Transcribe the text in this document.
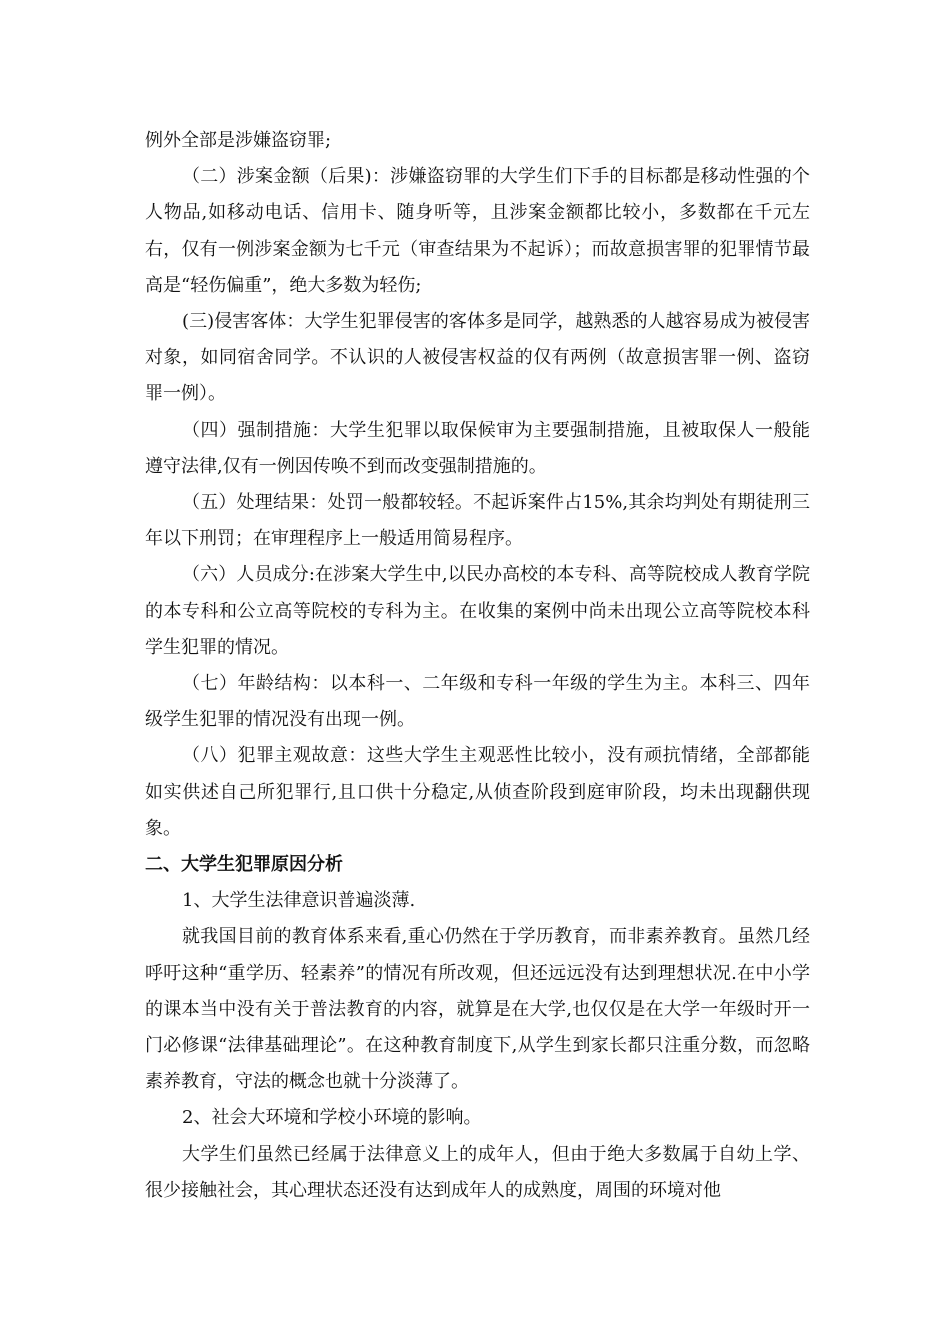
例外全部是涉嫌盗窃罪;

（二）涉案金额（后果)：涉嫌盗窃罪的大学生们下手的目标都是移动性强的个人物品,如移动电话、信用卡、随身听等，且涉案金额都比较小，多数都在千元左右，仅有一例涉案金额为七千元（审查结果为不起诉）；而故意损害罪的犯罪情节最高是“轻伤偏重”，绝大多数为轻伤;

(三)侵害客体：大学生犯罪侵害的客体多是同学，越熟悉的人越容易成为被侵害对象，如同宿舍同学。不认识的人被侵害权益的仅有两例（故意损害罪一例、盗窃罪一例）。

（四）强制措施：大学生犯罪以取保候审为主要强制措施，且被取保人一般能遵守法律,仅有一例因传唤不到而改变强制措施的。

（五）处理结果：处罚一般都较轻。不起诉案件占15%,其余均判处有期徒刑三年以下刑罚；在审理程序上一般适用简易程序。

（六）人员成分:在涉案大学生中,以民办高校的本专科、高等院校成人教育学院的本专科和公立高等院校的专科为主。在收集的案例中尚未出现公立高等院校本科学生犯罪的情况。

（七）年龄结构：以本科一、二年级和专科一年级的学生为主。本科三、四年级学生犯罪的情况没有出现一例。

（八）犯罪主观故意：这些大学生主观恶性比较小，没有顽抗情绪，全部都能如实供述自己所犯罪行,且口供十分稳定,从侦查阶段到庭审阶段，均未出现翻供现象。

二、大学生犯罪原因分析

1、大学生法律意识普遍淡薄.

就我国目前的教育体系来看,重心仍然在于学历教育，而非素养教育。虽然几经呼吁这种“重学历、轻素养”的情况有所改观，但还远远没有达到理想状况.在中小学的课本当中没有关于普法教育的内容，就算是在大学,也仅仅是在大学一年级时开一门必修课“法律基础理论”。在这种教育制度下,从学生到家长都只注重分数，而忽略素养教育，守法的概念也就十分淡薄了。

2、社会大环境和学校小环境的影响。

大学生们虽然已经属于法律意义上的成年人，但由于绝大多数属于自幼上学、很少接触社会，其心理状态还没有达到成年人的成熟度，周围的环境对他
